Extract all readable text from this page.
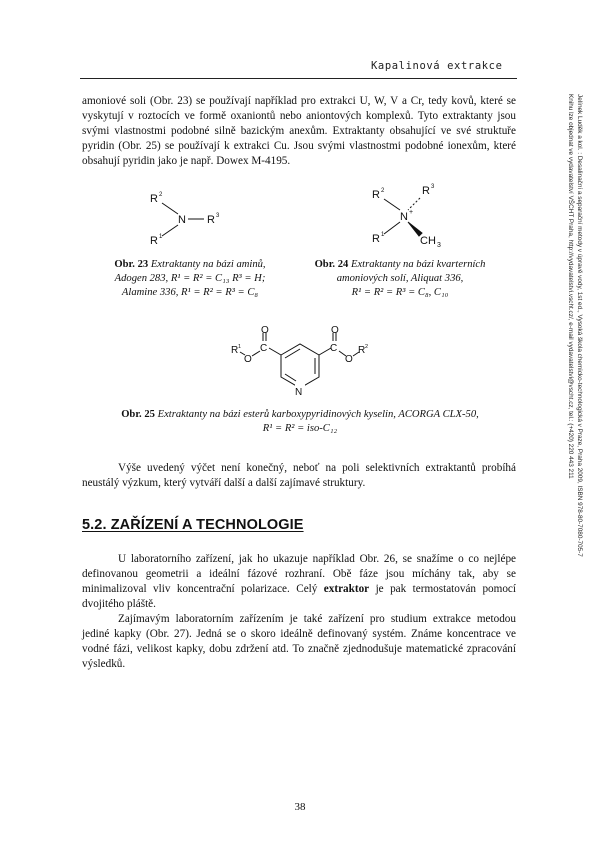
Kapalinová extrakce
Jelínek Luděk a kol. : Desalinační a separační metody v úpravě vody, 1st ed., Vysoká škola chemicko-technologická v Praze, Praha 2009, ISBN 978-80-7080-705-7
Knihu lze objednat ve vydavatelství VŠCHT Praha, http://vydavatelstvi.vscht.cz/, e-mail vydavatelstvi@vscht.cz, tel.: (+420) 220 443 211

amoniové soli (Obr. 23) se používají například pro extrakci U, W, V a Cr, tedy kovů, které se vyskytují v roztocích ve formě oxaniontů nebo aniontových komplexů. Tyto extraktanty jsou svými vlastnostmi podobné silně bazickým anexům. Extraktanty obsahující ve své struktuře pyridin (Obr. 25) se používají k extrakci Cu. Jsou svými vlastnostmi podobné ionexům, které obsahují pyridin jako je např. Dowex M-4195.

R 2
N R 3
R 1
Obr. 23 Extraktanty na bázi aminů,
Adogen 283, R¹ = R² = C₁₃ R³ = H;
Alamine 336, R¹ = R² = R³ = C₈
R 2	R 3
N +
R 1	CH 3
Obr. 24 Extraktanty na bázi kvarterních
amoniových solí, Aliquat 336,
R¹ = R² = R³ = C₈, C₁₀
R 1
O
C
O
N
C
O
O
R 2
Obr. 25 Extraktanty na bázi esterů karboxypyridinových kyselin, ACORGA CLX-50,
R¹ = R² = iso-C₁₂

Výše uvedený výčet není konečný, neboť na poli selektivních extraktantů probíhá neustálý výzkum, který vytváří další a další zajímavé struktury.

5.2. ZAŘÍZENÍ A TECHNOLOGIE

U laboratorního zařízení, jak ho ukazuje například Obr. 26, se snažíme o co nejlépe definovanou geometrii a ideální fázové rozhraní. Obě fáze jsou míchány tak, aby se minimalizoval vliv koncentrační polarizace. Celý extraktor je pak termostatován pomocí dvojitého pláště.

Zajímavým laboratorním zařízením je také zařízení pro studium extrakce metodou jediné kapky (Obr. 27). Jedná se o skoro ideálně definovaný systém. Známe koncentrace ve vodné fázi, velikost kapky, dobu zdržení atd. To značně zjednodušuje matematické zpracování výsledků.

38
